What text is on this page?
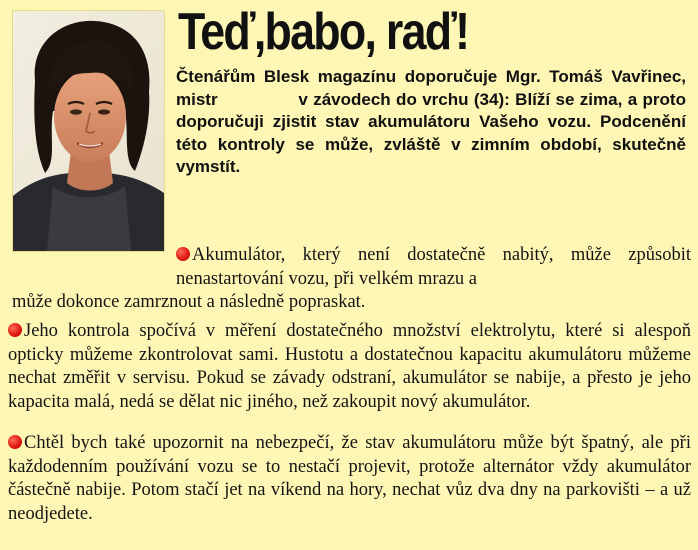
Teď,babo, raď!

Čtenářům Blesk magazínu doporučuje Mgr. Tomáš Vavřinec, mistr	v závodech do vrchu (34): Blíží se zima, a proto doporučuji zjistit stav akumulátoru Vašeho vozu. Podcenění této kontroly se může, zvláště v zimním období, skutečně vymstít.

Akumulátor, který není dostatečně nabitý, může způsobit nenastartování vozu, při velkém mrazu a

může dokonce zamrznout a následně popraskat.

Jeho kontrola spočívá v měření dostatečného množství elektrolytu, které si alespoň opticky můžeme zkontrolovat sami. Hustotu a dostatečnou kapacitu akumulátoru můžeme nechat změřit v servisu. Pokud se závady odstraní, akumulátor se nabije, a přesto je jeho kapacita malá, nedá se dělat nic jiného, než zakoupit nový akumulátor.

Chtěl bych také upozornit na nebezpečí, že stav akumulátoru může být špatný, ale při každodenním používání vozu se to nestačí projevit, protože alternátor vždy akumulátor částečně nabije. Potom stačí jet na víkend na hory, nechat vůz dva dny na parkovišti – a už neodjedete.
